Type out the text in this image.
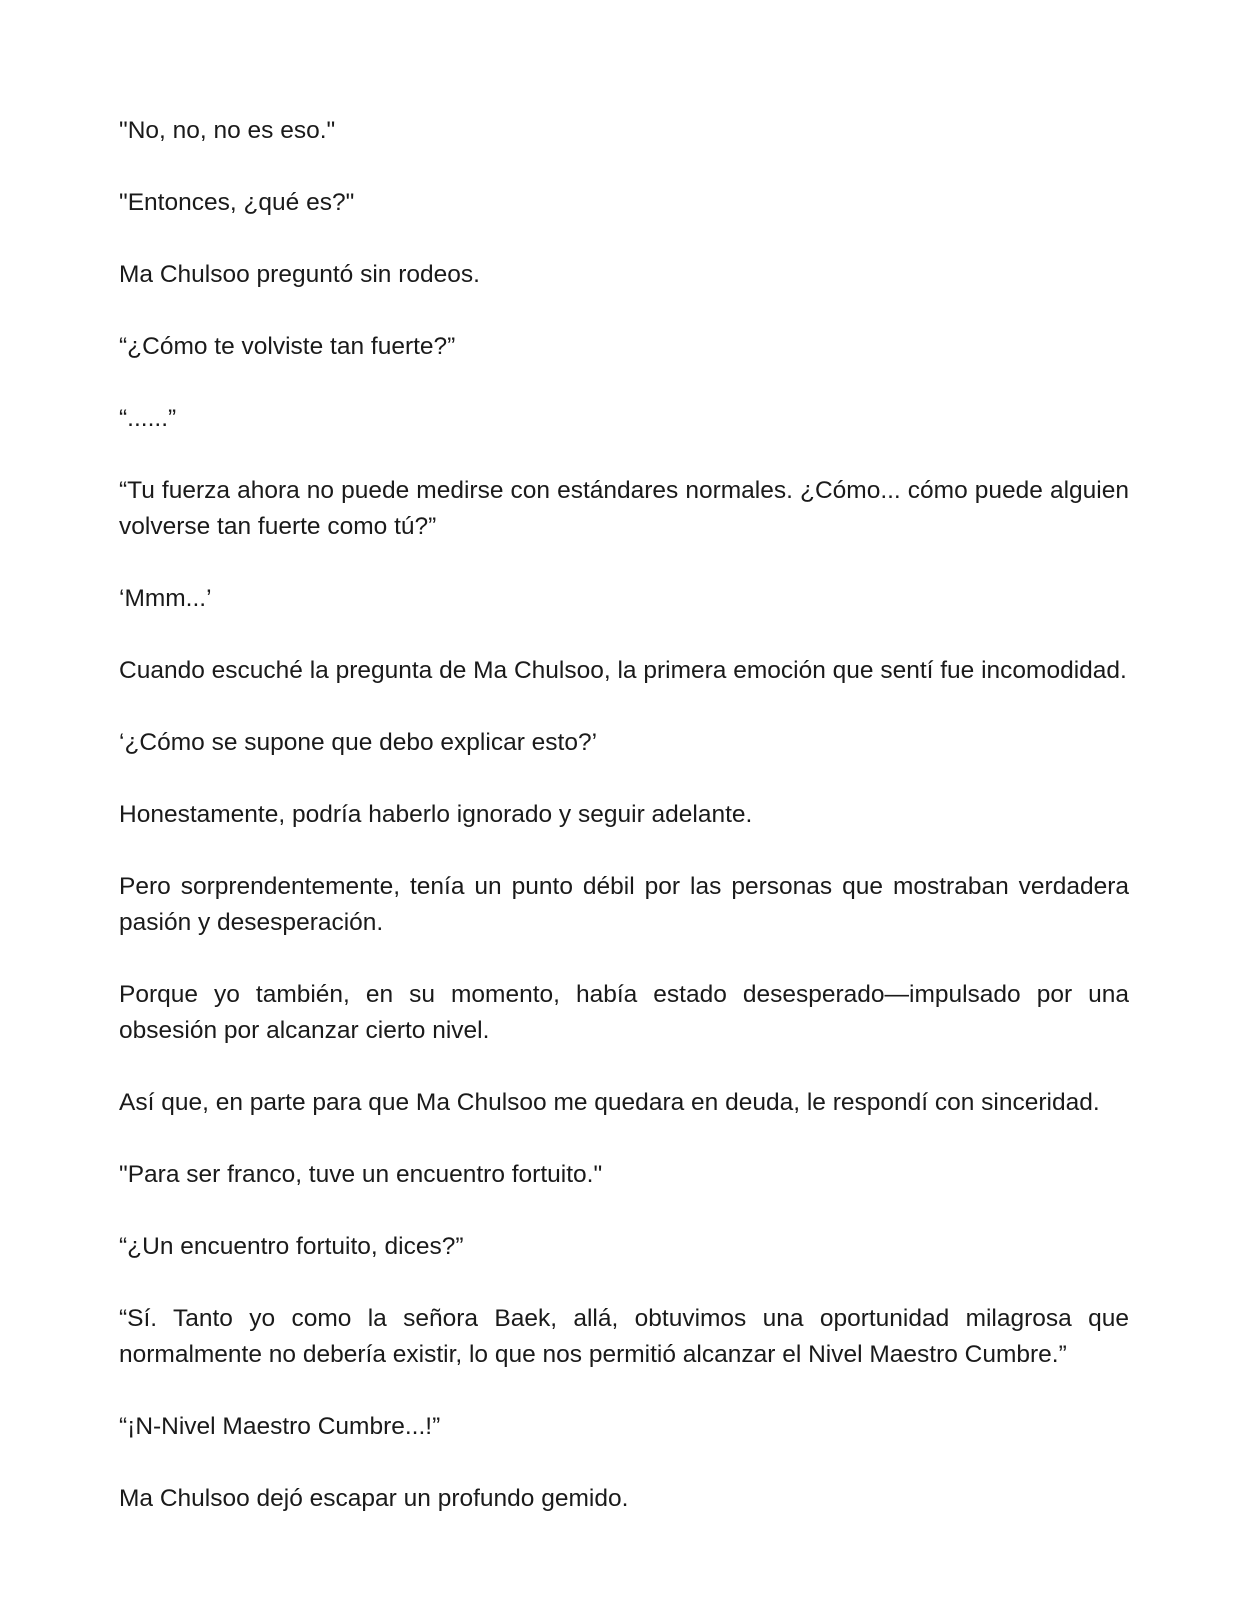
"No, no, no es eso."

"Entonces, ¿qué es?"

Ma Chulsoo preguntó sin rodeos.

“¿Cómo te volviste tan fuerte?”

“......”

“Tu fuerza ahora no puede medirse con estándares normales. ¿Cómo... cómo puede alguien volverse tan fuerte como tú?”

‘Mmm...’

Cuando escuché la pregunta de Ma Chulsoo, la primera emoción que sentí fue incomodidad.

‘¿Cómo se supone que debo explicar esto?’

Honestamente, podría haberlo ignorado y seguir adelante.

Pero sorprendentemente, tenía un punto débil por las personas que mostraban verdadera pasión y desesperación.

Porque yo también, en su momento, había estado desesperado—impulsado por una obsesión por alcanzar cierto nivel.

Así que, en parte para que Ma Chulsoo me quedara en deuda, le respondí con sinceridad.

"Para ser franco, tuve un encuentro fortuito."

“¿Un encuentro fortuito, dices?”

“Sí. Tanto yo como la señora Baek, allá, obtuvimos una oportunidad milagrosa que normalmente no debería existir, lo que nos permitió alcanzar el Nivel Maestro Cumbre.”

“¡N-Nivel Maestro Cumbre...!”

Ma Chulsoo dejó escapar un profundo gemido.
